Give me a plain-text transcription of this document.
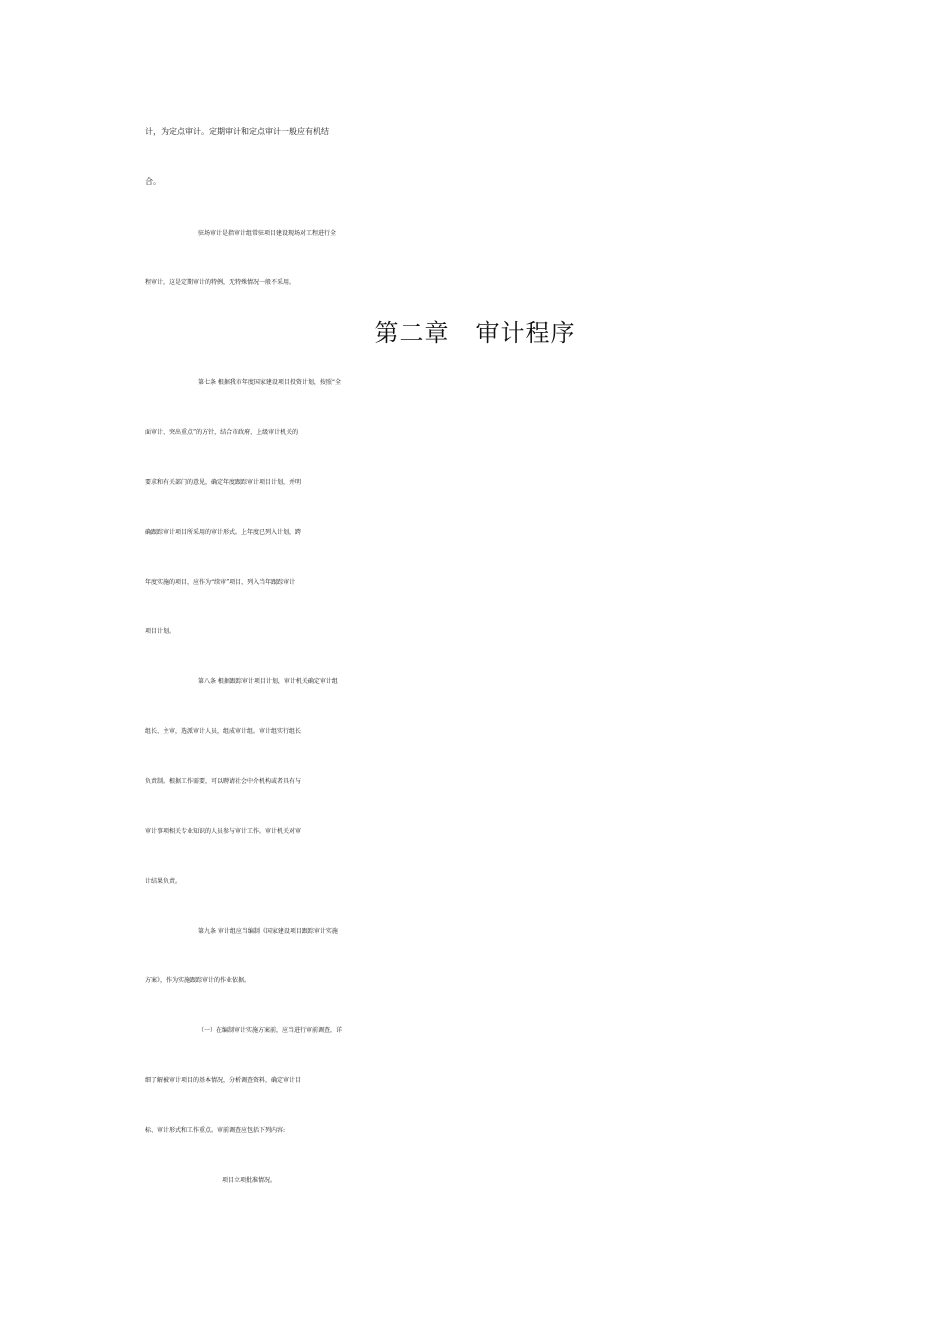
计，为定点审计。定期审计和定点审计一般应有机结
合。
驻场审计是指审计组常驻项目建设现场对工程进行全
程审计，这是定期审计的特例，无特殊情况一般不采用。
第二章 审计程序
第七条 根据我市年度国家建设项目投资计划，按照“全
面审计、突出重点”的方针，结合市政府、上级审计机关的
要求和有关部门的意见，确定年度跟踪审计项目计划，并明
确跟踪审计项目所采用的审计形式。上年度已列入计划，跨
年度实施的项目，应作为“续审”项目，列入当年跟踪审计
项目计划。
第八条 根据跟踪审计项目计划，审计机关确定审计组
组长、主审，选派审计人员，组成审计组。审计组实行组长
负责制。根据工作需要，可以聘请社会中介机构或者具有与
审计事项相关专业知识的人员参与审计工作。审计机关对审
计结果负责。
第九条 审计组应当编制《国家建设项目跟踪审计实施
方案》，作为实施跟踪审计的作业依据。
（一）在编制审计实施方案前，应当进行审前调查，详
细了解被审计项目的基本情况，分析调查资料，确定审计目
标、审计形式和工作重点。审前调查应包括下列内容:
项目立项批准情况。
